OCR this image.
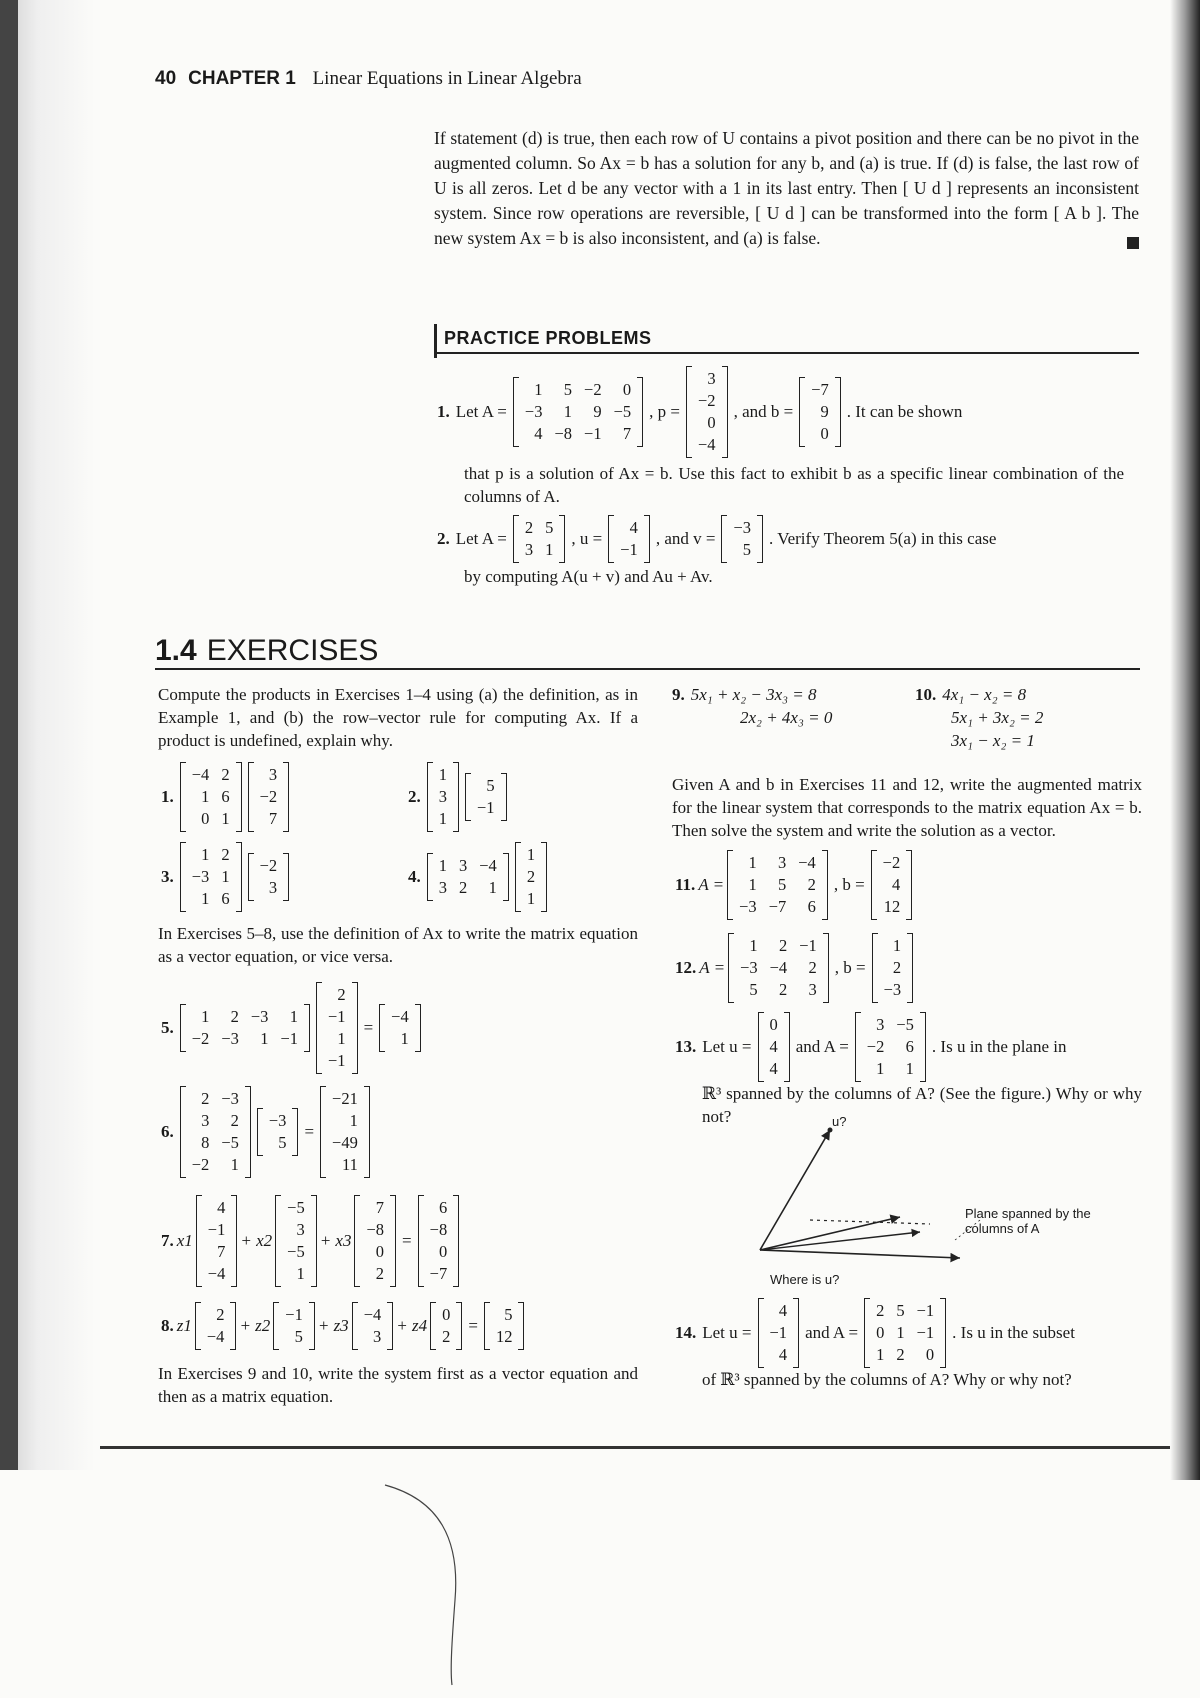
40 CHAPTER 1 Linear Equations in Linear Algebra
If statement (d) is true, then each row of U contains a pivot position and there can be no pivot in the augmented column. So Ax = b has a solution for any b, and (a) is true. If (d) is false, the last row of U is all zeros. Let d be any vector with a 1 in its last entry. Then [ U d ] represents an inconsistent system. Since row operations are reversible, [ U d ] can be transformed into the form [ A b ]. The new system Ax = b is also inconsistent, and (a) is false.
PRACTICE PROBLEMS
1. Let A =
1	5	−2	0
−3	1	9	−5
4	−8	−1	7
, p =
3
−2
0
−4
, and b =
−7
9
0
. It can be shown
that p is a solution of Ax = b. Use this fact to exhibit b as a specific linear combination of the columns of A.
2. Let A =
2	5
3	1
, u =
4
−1
, and v =
−3
5
. Verify Theorem 5(a) in this case
by computing A(u + v) and Au + Av.
1.4 EXERCISES
Compute the products in Exercises 1–4 using (a) the definition, as in Example 1, and (b) the row–vector rule for computing Ax. If a product is undefined, explain why.
1.
−4	2
1	6
0	1
3
−2
7
2.
1
3
1
5
−1
3.
1	2
−3	1
1	6
−2
3
4.
1	3	−4
3	2	1
1
2
1
In Exercises 5–8, use the definition of Ax to write the matrix equation as a vector equation, or vice versa.
5.
1	2	−3	1
−2	−3	1	−1
2
−1
1
−1
=
−4
1
6.
2	−3
3	2
8	−5
−2	1
−3
5
=
−21
1
−49
11
7. x1
4
−1
7
−4
+ x2
−5
3
−5
1
+ x3
7
−8
0
2
=
6
−8
0
−7
8. z1
2
−4
+ z2
−1
5
+ z3
−4
3
+ z4
0
2
=
5
12
In Exercises 9 and 10, write the system first as a vector equation and then as a matrix equation.
9. 5x₁ + x₂ − 3x₃ = 8
2x₂ + 4x₃ = 0
10. 4x₁ − x₂ = 8
5x₁ + 3x₂ = 2
3x₁ − x₂ = 1
Given A and b in Exercises 11 and 12, write the augmented matrix for the linear system that corresponds to the matrix equation Ax = b. Then solve the system and write the solution as a vector.
11. A =
1	3	−4
1	5	2
−3	−7	6
, b =
−2
4
12
12. A =
1	2	−1
−3	−4	2
5	2	3
, b =
1
2
−3
13. Let u =
0
4
4
and A =
3	−5
−2	6
1	1
. Is u in the plane in
ℝ³ spanned by the columns of A? (See the figure.) Why or why not?	u?
Plane spanned by the columns of A
Where is u?
14. Let u =
4
−1
4
and A =
2	5	−1
0	1	−1
1	2	0
. Is u in the subset
of ℝ³ spanned by the columns of A? Why or why not?
